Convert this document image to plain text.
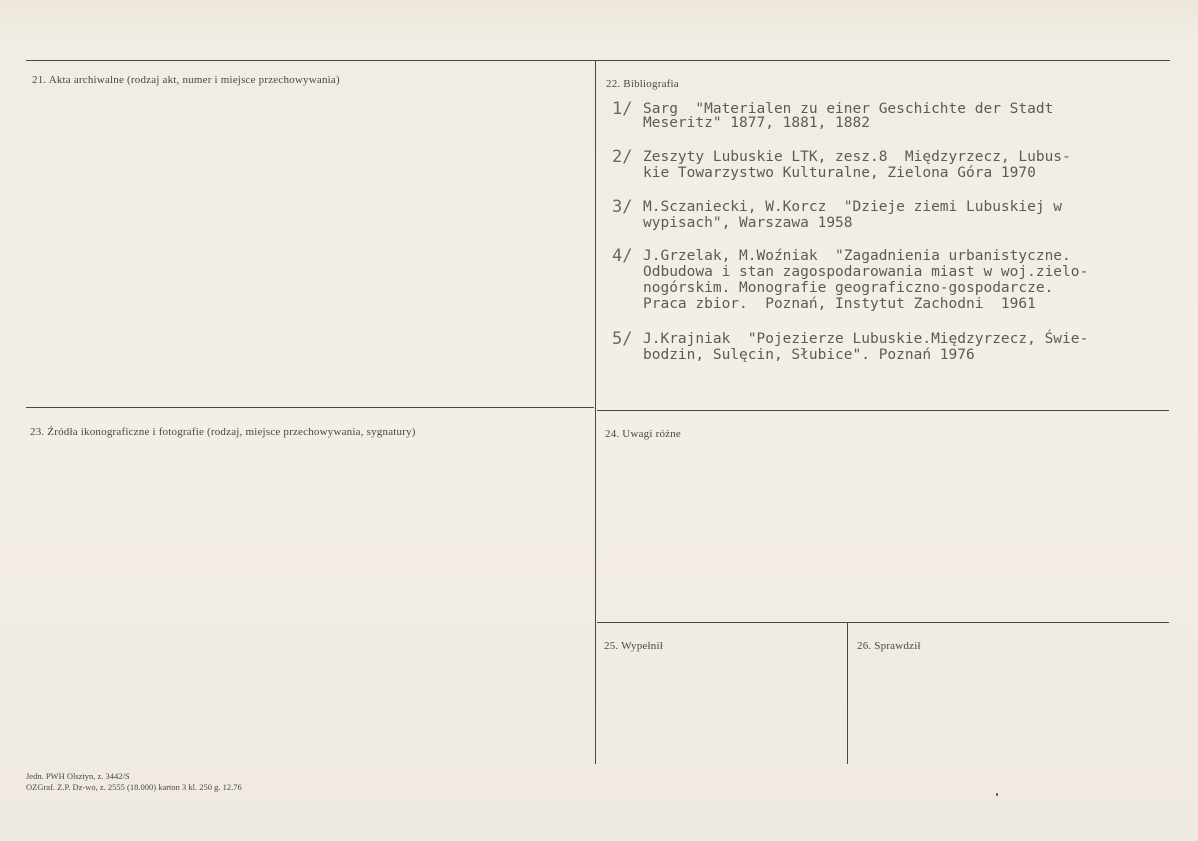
21. Akta archiwalne (rodzaj akt, numer i miejsce przechowywania)	22. Bibliografia
23. Źródła ikonograficzne i fotografie (rodzaj, miejsce przechowywania, sygnatury)	24. Uwagi różne
25. Wypełnił	26. Sprawdził
1/ Sarg  "Materialen zu einer Geschichte der Stadt
Meseritz" 1877, 1881, 1882
2/ Zeszyty Lubuskie LTK, zesz.8  Międzyrzecz, Lubus-
kie Towarzystwo Kulturalne, Zielona Góra 1970
3/ M.Sczaniecki, W.Korcz  "Dzieje ziemi Lubuskiej w
wypisach", Warszawa 1958
4/ J.Grzelak, M.Woźniak  "Zagadnienia urbanistyczne.
Odbudowa i stan zagospodarowania miast w woj.zielo-
nogórskim. Monografie geograficzno-gospodarcze.
Praca zbior.  Poznań, Instytut Zachodni  1961
5/ J.Krajniak  "Pojezierze Lubuskie.Międzyrzecz, Świe-
bodzin, Sulęcin, Słubice". Poznań 1976
Jedn. PWH Olsztyn, z. 3442/S
OZGraf. Z.P. Dz-wo, z. 2555 (18.000) karton 3 kl. 250 g. 12.76
